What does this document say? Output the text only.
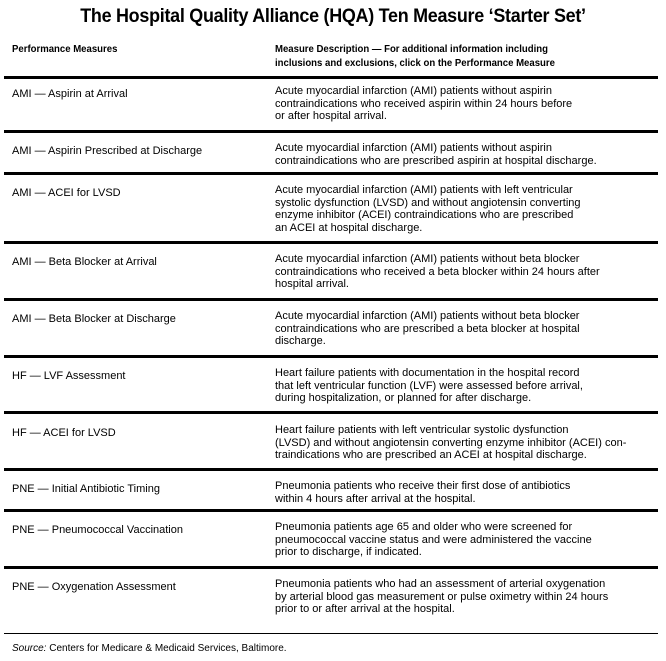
The Hospital Quality Alliance (HQA) Ten Measure ‘Starter Set’
Performance Measures	Measure Description — For additional information including
inclusions and exclusions, click on the Performance Measure
AMI — Aspirin at Arrival	Acute myocardial infarction (AMI) patients without aspirin
contraindications who received aspirin within 24 hours before
or after hospital arrival.
AMI — Aspirin Prescribed at Discharge	Acute myocardial infarction (AMI) patients without aspirin
contraindications who are prescribed aspirin at hospital discharge.
AMI — ACEI for LVSD	Acute myocardial infarction (AMI) patients with left ventricular
systolic dysfunction (LVSD) and without angiotensin converting
enzyme inhibitor (ACEI) contraindications who are prescribed
an ACEI at hospital discharge.
AMI — Beta Blocker at Arrival	Acute myocardial infarction (AMI) patients without beta blocker
contraindications who received a beta blocker within 24 hours after
hospital arrival.
AMI — Beta Blocker at Discharge	Acute myocardial infarction (AMI) patients without beta blocker
contraindications who are prescribed a beta blocker at hospital
discharge.
HF — LVF Assessment	Heart failure patients with documentation in the hospital record
that left ventricular function (LVF) were assessed before arrival,
during hospitalization, or planned for after discharge.
HF — ACEI for LVSD	Heart failure patients with left ventricular systolic dysfunction
(LVSD) and without angiotensin converting enzyme inhibitor (ACEI) con-
traindications who are prescribed an ACEI at hospital discharge.
PNE — Initial Antibiotic Timing	Pneumonia patients who receive their first dose of antibiotics
within 4 hours after arrival at the hospital.
PNE — Pneumococcal Vaccination	Pneumonia patients age 65 and older who were screened for
pneumococcal vaccine status and were administered the vaccine
prior to discharge, if indicated.
PNE — Oxygenation Assessment	Pneumonia patients who had an assessment of arterial oxygenation
by arterial blood gas measurement or pulse oximetry within 24 hours
prior to or after arrival at the hospital.
Source: Centers for Medicare & Medicaid Services, Baltimore.
